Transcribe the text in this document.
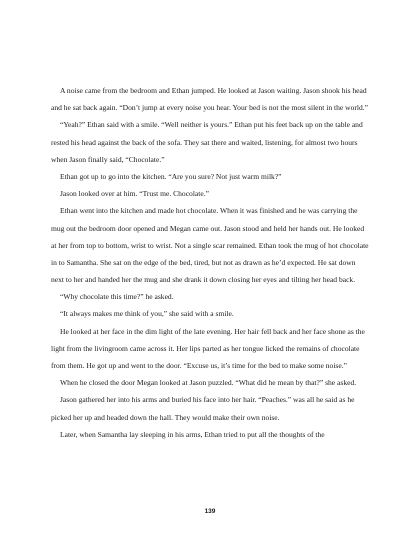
A noise came from the bedroom and Ethan jumped. He looked at Jason waiting. Jason shook his head and he sat back again. “Don’t jump at every noise you hear. Your bed is not the most silent in the world.”

“Yeah?” Ethan said with a smile. “Well neither is yours.” Ethan put his feet back up on the table and rested his head against the back of the sofa. They sat there and waited, listening, for almost two hours when Jason finally said, “Chocolate.”

Ethan got up to go into the kitchen. “Are you sure? Not just warm milk?”

Jason looked over at him. “Trust me. Chocolate.”

Ethan went into the kitchen and made hot chocolate. When it was finished and he was carrying the mug out the bedroom door opened and Megan came out. Jason stood and held her hands out. He looked at her from top to bottom, wrist to wrist. Not a single scar remained. Ethan took the mug of hot chocolate in to Samantha. She sat on the edge of the bed, tired, but not as drawn as he’d expected. He sat down next to her and handed her the mug and she drank it down closing her eyes and tilting her head back.

“Why chocolate this time?” he asked.

“It always makes me think of you,” she said with a smile.

He looked at her face in the dim light of the late evening. Her hair fell back and her face shone as the light from the livingroom came across it. Her lips parted as her tongue licked the remains of chocolate from them. He got up and went to the door. “Excuse us, it’s time for the bed to make some noise.”

When he closed the door Megan looked at Jason puzzled. “What did he mean by that?” she asked.

Jason gathered her into his arms and buried his face into her hair. “Peaches.” was all he said as he picked her up and headed down the hall. They would make their own noise.

Later, when Samantha lay sleeping in his arms, Ethan tried to put all the thoughts of the

139
